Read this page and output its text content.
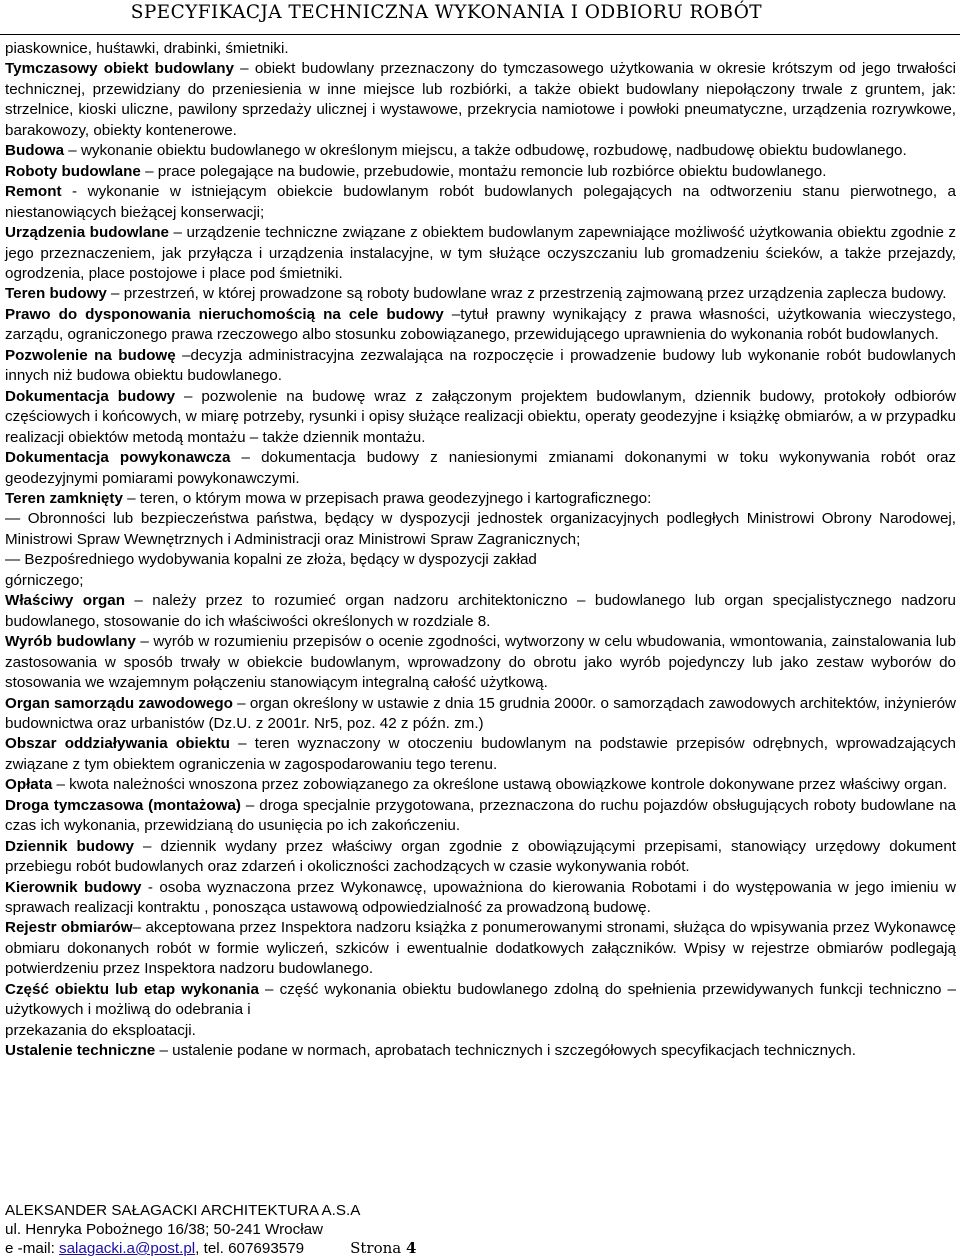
SPECYFIKACJA TECHNICZNA WYKONANIA I ODBIORU ROBÓT

piaskownice, huśtawki, drabinki, śmietniki.

Tymczasowy obiekt budowlany – obiekt budowlany przeznaczony do tymczasowego użytkowania w okresie krótszym od jego trwałości technicznej, przewidziany do przeniesienia w inne miejsce lub rozbiórki, a także obiekt budowlany niepołączony trwale z gruntem, jak: strzelnice, kioski uliczne, pawilony sprzedaży ulicznej i wystawowe, przekrycia namiotowe i powłoki pneumatyczne, urządzenia rozrywkowe, barakowozy, obiekty kontenerowe.

Budowa – wykonanie obiektu budowlanego w określonym miejscu, a także odbudowę, rozbudowę, nadbudowę obiektu budowlanego.

Roboty budowlane – prace polegające na budowie, przebudowie, montażu remoncie lub rozbiórce obiektu budowlanego.

Remont - wykonanie w istniejącym obiekcie budowlanym robót budowlanych polegających na odtworzeniu stanu pierwotnego, a niestanowiących bieżącej konserwacji;

Urządzenia budowlane – urządzenie techniczne związane z obiektem budowlanym zapewniające możliwość użytkowania obiektu zgodnie z jego przeznaczeniem, jak przyłącza i urządzenia instalacyjne, w tym służące oczyszczaniu lub gromadzeniu ścieków, a także przejazdy, ogrodzenia, place postojowe i place pod śmietniki.

Teren budowy – przestrzeń, w której prowadzone są roboty budowlane wraz z przestrzenią zajmowaną przez urządzenia zaplecza budowy.

Prawo do dysponowania nieruchomością na cele budowy –tytuł prawny wynikający z prawa własności, użytkowania wieczystego, zarządu, ograniczonego prawa rzeczowego albo stosunku zobowiązanego, przewidującego uprawnienia do wykonania robót budowlanych.

Pozwolenie na budowę –decyzja administracyjna zezwalająca na rozpoczęcie i prowadzenie budowy lub wykonanie robót budowlanych innych niż budowa obiektu budowlanego.

Dokumentacja budowy – pozwolenie na budowę wraz z załączonym projektem budowlanym, dziennik budowy, protokoły odbiorów częściowych i końcowych, w miarę potrzeby, rysunki i opisy służące realizacji obiektu, operaty geodezyjne i książkę obmiarów, a w przypadku realizacji obiektów metodą montażu – także dziennik montażu.

Dokumentacja powykonawcza – dokumentacja budowy z naniesionymi zmianami dokonanymi w toku wykonywania robót oraz geodezyjnymi pomiarami powykonawczymi.

Teren zamknięty – teren, o którym mowa w przepisach prawa geodezyjnego i kartograficznego:

— Obronności lub bezpieczeństwa państwa, będący w dyspozycji jednostek organizacyjnych podległych Ministrowi Obrony Narodowej, Ministrowi Spraw Wewnętrznych i Administracji oraz Ministrowi Spraw Zagranicznych;

— Bezpośredniego wydobywania kopalni ze złoża, będący w dyspozycji zakład

górniczego;

Właściwy organ – należy przez to rozumieć organ nadzoru architektoniczno – budowlanego lub organ specjalistycznego nadzoru budowlanego, stosowanie do ich właściwości określonych w rozdziale 8.

Wyrób budowlany – wyrób w rozumieniu przepisów o ocenie zgodności, wytworzony w celu wbudowania, wmontowania, zainstalowania lub zastosowania w sposób trwały w obiekcie budowlanym, wprowadzony do obrotu jako wyrób pojedynczy lub jako zestaw wyborów do stosowania we wzajemnym połączeniu stanowiącym integralną całość użytkową.

Organ samorządu zawodowego – organ określony w ustawie z dnia 15 grudnia 2000r. o samorządach zawodowych architektów, inżynierów budownictwa oraz urbanistów (Dz.U. z 2001r. Nr5, poz. 42 z późn. zm.)

Obszar oddziaływania obiektu – teren wyznaczony w otoczeniu budowlanym na podstawie przepisów odrębnych, wprowadzających związane z tym obiektem ograniczenia w zagospodarowaniu tego terenu.

Opłata – kwota należności wnoszona przez zobowiązanego za określone ustawą obowiązkowe kontrole dokonywane przez właściwy organ.

Droga tymczasowa (montażowa) – droga specjalnie przygotowana, przeznaczona do ruchu pojazdów obsługujących roboty budowlane na czas ich wykonania, przewidzianą do usunięcia po ich zakończeniu.

Dziennik budowy – dziennik wydany przez właściwy organ zgodnie z obowiązującymi przepisami, stanowiący urzędowy dokument przebiegu robót budowlanych oraz zdarzeń i okoliczności zachodzących w czasie wykonywania robót.

Kierownik budowy - osoba wyznaczona przez Wykonawcę, upoważniona do kierowania Robotami i do występowania w jego imieniu w sprawach realizacji kontraktu , ponosząca ustawową odpowiedzialność za prowadzoną budowę.

Rejestr obmiarów– akceptowana przez Inspektora nadzoru książka z ponumerowanymi stronami, służąca do wpisywania przez Wykonawcę obmiaru dokonanych robót w formie wyliczeń, szkiców i ewentualnie dodatkowych załączników. Wpisy w rejestrze obmiarów podlegają potwierdzeniu przez Inspektora nadzoru budowlanego.

Część obiektu lub etap wykonania – część wykonania obiektu budowlanego zdolną do spełnienia przewidywanych funkcji techniczno – użytkowych i możliwą do odebrania i

przekazania do eksploatacji.

Ustalenie techniczne – ustalenie podane w normach, aprobatach technicznych i szczegółowych specyfikacjach technicznych.

ALEKSANDER SAŁAGACKI ARCHITEKTURA A.S.A
ul. Henryka Pobożnego 16/38; 50-241 Wrocław
e -mail: salagacki.a@post.pl, tel. 607693579	Strona 4
